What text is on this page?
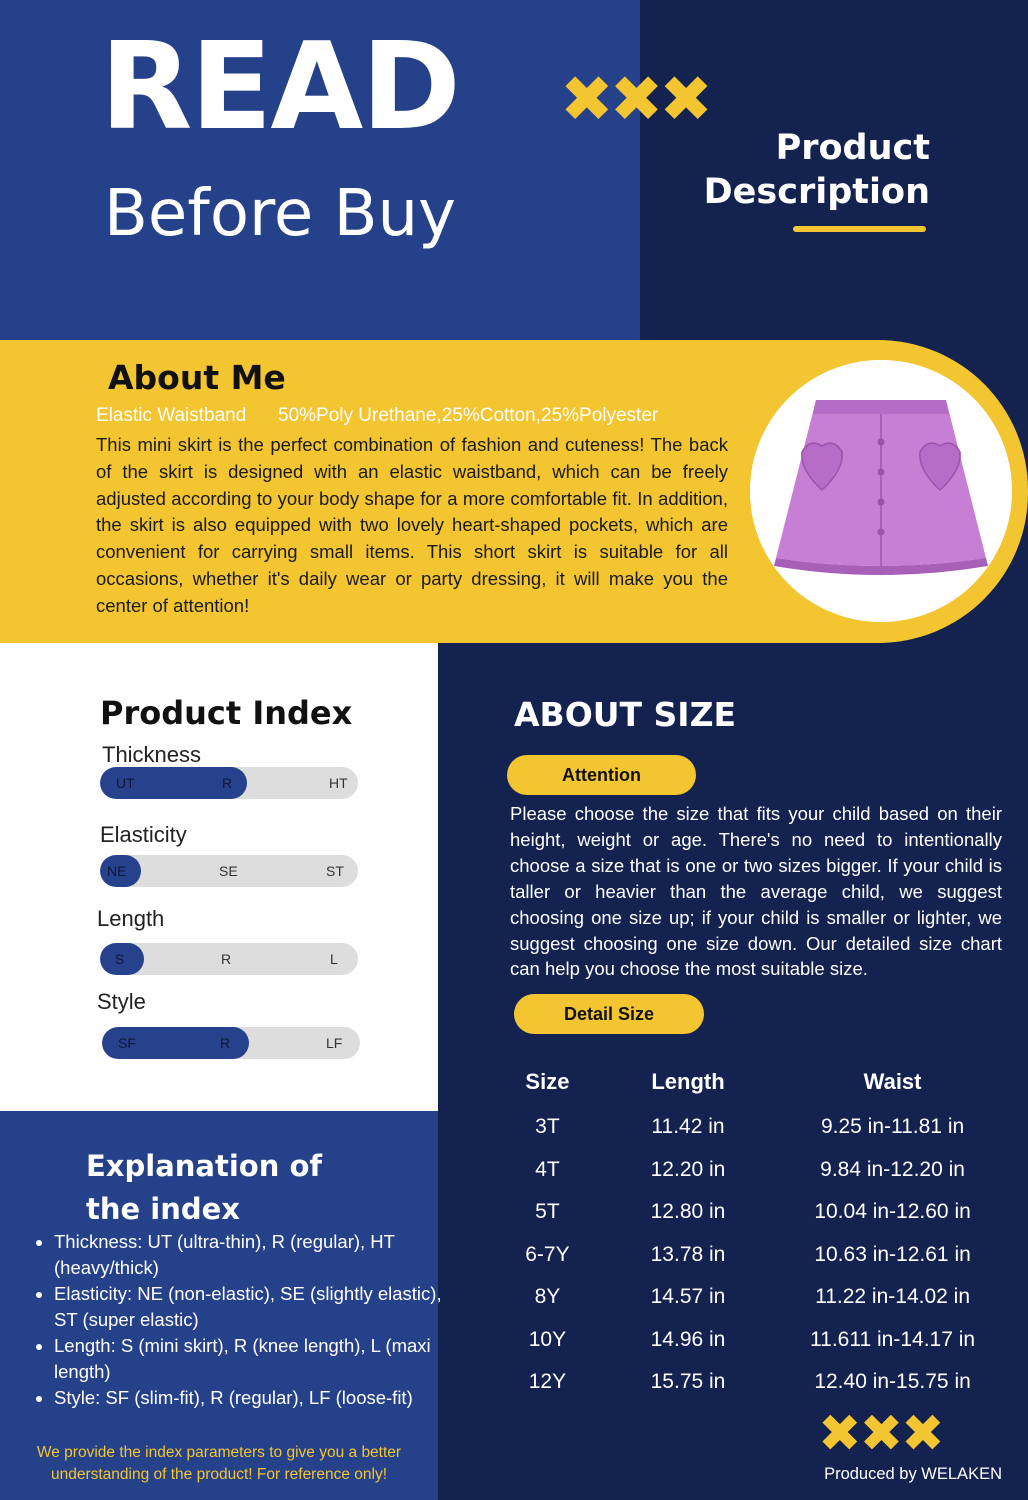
READ
Before Buy
✖✖✖
Product
Description
About Me
Elastic Waistband 50%Poly Urethane,25%Cotton,25%Polyester
This mini skirt is the perfect combination of fashion and cuteness! The back of the skirt is designed with an elastic waistband, which can be freely adjusted according to your body shape for a more comfortable fit. In addition, the skirt is also equipped with two lovely heart-shaped pockets, which are convenient for carrying small items. This short skirt is suitable for all occasions, whether it's daily wear or party dressing, it will make you the center of attention!
Product Index
Thickness
UT	R	HT
Elasticity
NE	SE	ST
Length
S	R	L
Style
SF	R	LF
Explanation of
the index
• Thickness: UT (ultra-thin), R (regular), HT (heavy/thick)
• Elasticity: NE (non-elastic), SE (slightly elastic), ST (super elastic)
• Length: S (mini skirt), R (knee length), L (maxi length)
• Style: SF (slim-fit), R (regular), LF (loose-fit)
We provide the index parameters to give you a better understanding of the product! For reference only!
ABOUT SIZE
Attention
Please choose the size that fits your child based on their height, weight or age. There's no need to intentionally choose a size that is one or two sizes bigger. If your child is taller or heavier than the average child, we suggest choosing one size up; if your child is smaller or lighter, we suggest choosing one size down. Our detailed size chart can help you choose the most suitable size.
Detail Size
Size	Length	Waist
3T	11.42 in	9.25 in-11.81 in
4T	12.20 in	9.84 in-12.20 in
5T	12.80 in	10.04 in-12.60 in
6-7Y	13.78 in	10.63 in-12.61 in
8Y	14.57 in	11.22 in-14.02 in
10Y	14.96 in	11.611 in-14.17 in
12Y	15.75 in	12.40 in-15.75 in
✖✖✖
Produced by WELAKEN
